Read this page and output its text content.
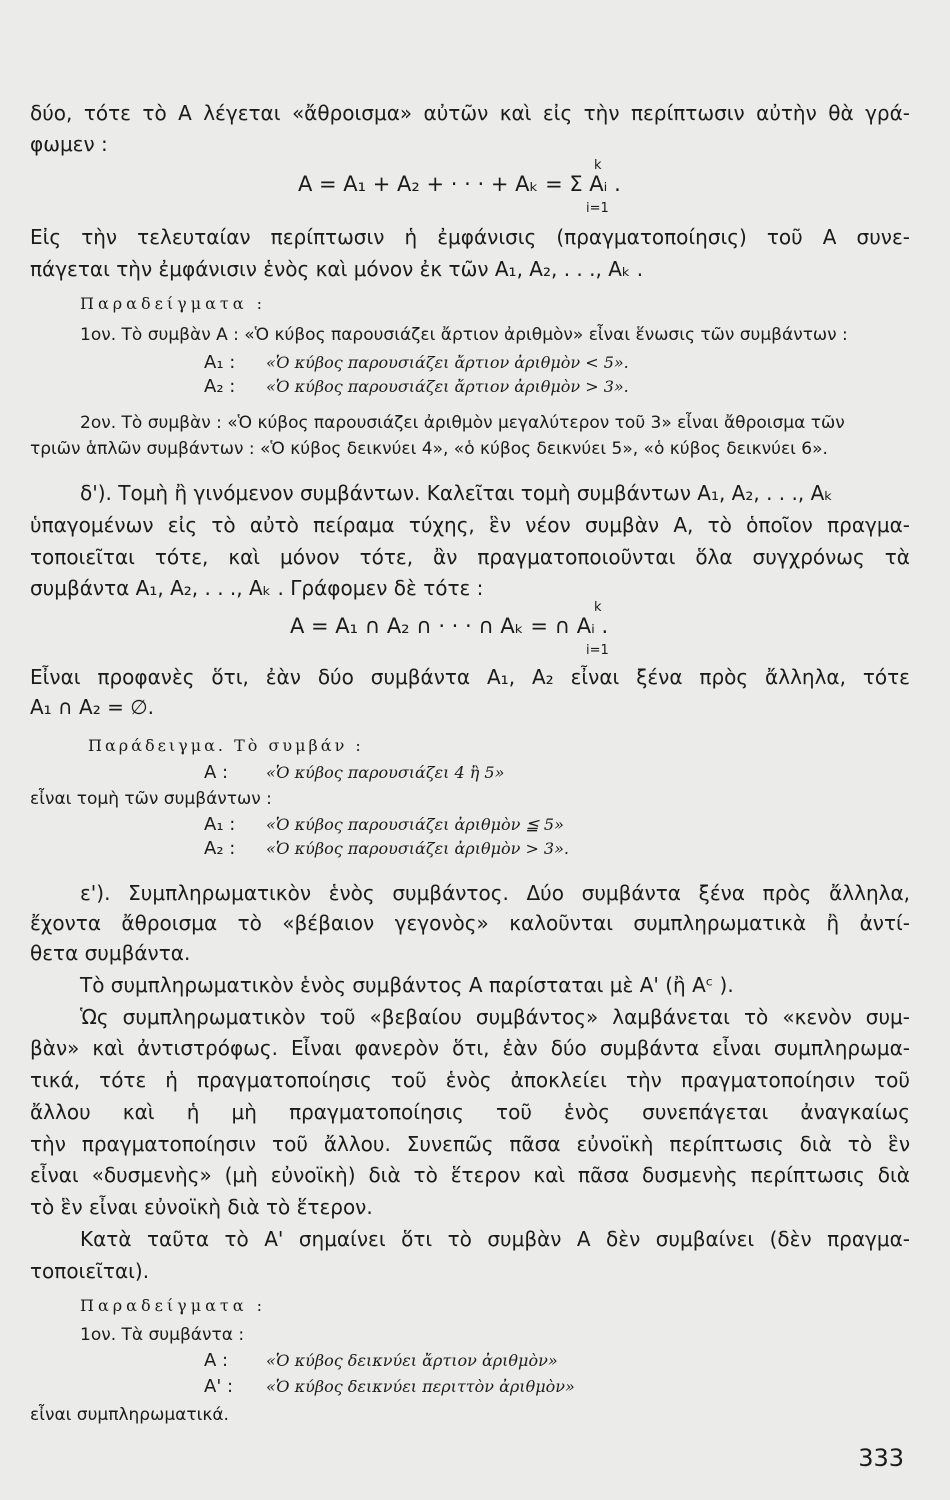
δύο, τότε τὸ Α λέγεται «ἄθροισμα» αὐτῶν καὶ εἰς τὴν περίπτωσιν αὐτὴν θὰ γρά-
φωμεν :
A = A₁ + A₂ + · · · + Aₖ = Σ Aᵢ .
k
i=1
Εἰς τὴν τελευταίαν περίπτωσιν ἡ ἐμφάνισις (πραγματοποίησις) τοῦ Α συνε-
πάγεται τὴν ἐμφάνισιν ἑνὸς καὶ μόνον ἐκ τῶν A₁, A₂, . . ., Aₖ .
Παραδείγματα :
1ον. Τὸ συμβὰν Α : «Ὁ κύβος παρουσιάζει ἄρτιον ἀριθμὸν» εἶναι ἕνωσις τῶν συμβάντων :
A₁ : «Ὁ κύβος παρουσιάζει ἄρτιον ἀριθμὸν < 5».
A₂ : «Ὁ κύβος παρουσιάζει ἄρτιον ἀριθμὸν > 3».
2ον. Τὸ συμβὰν : «Ὁ κύβος παρουσιάζει ἀριθμὸν μεγαλύτερον τοῦ 3» εἶναι ἄθροισμα τῶν
τριῶν ἁπλῶν συμβάντων : «Ὁ κύβος δεικνύει 4», «ὁ κύβος δεικνύει 5», «ὁ κύβος δεικνύει 6».
δ'). Τομὴ ἢ γινόμενον συμβάντων. Καλεῖται τομὴ συμβάντων A₁, A₂, . . ., Aₖ
ὑπαγομένων εἰς τὸ αὐτὸ πείραμα τύχης, ἓν νέον συμβὰν Α, τὸ ὁποῖον πραγμα-
τοποιεῖται τότε, καὶ μόνον τότε, ἂν πραγματοποιοῦνται ὅλα συγχρόνως τὰ
συμβάντα A₁, A₂, . . ., Aₖ . Γράφομεν δὲ τότε :
A = A₁ ∩ A₂ ∩ · · · ∩ Aₖ = ∩ Aᵢ .
k
i=1
Εἶναι προφανὲς ὅτι, ἐὰν δύο συμβάντα A₁, A₂ εἶναι ξένα πρὸς ἄλληλα, τότε
A₁ ∩ A₂ = ∅.
Παράδειγμα. Τὸ συμβάν :
A : «Ὁ κύβος παρουσιάζει 4 ἢ 5»
εἶναι τομὴ τῶν συμβάντων :
A₁ : «Ὁ κύβος παρουσιάζει ἀριθμὸν ≦ 5»
A₂ : «Ὁ κύβος παρουσιάζει ἀριθμὸν > 3».
ε'). Συμπληρωματικὸν ἑνὸς συμβάντος. Δύο συμβάντα ξένα πρὸς ἄλληλα,
ἔχοντα ἄθροισμα τὸ «βέβαιον γεγονὸς» καλοῦνται συμπληρωματικὰ ἢ ἀντί-
θετα συμβάντα.
Τὸ συμπληρωματικὸν ἑνὸς συμβάντος Α παρίσταται μὲ Α' (ἢ Aᶜ ).
Ὡς συμπληρωματικὸν τοῦ «βεβαίου συμβάντος» λαμβάνεται τὸ «κενὸν συμ-
βὰν» καὶ ἀντιστρόφως. Εἶναι φανερὸν ὅτι, ἐὰν δύο συμβάντα εἶναι συμπληρωμα-
τικά, τότε ἡ πραγματοποίησις τοῦ ἑνὸς ἀποκλείει τὴν πραγματοποίησιν τοῦ
ἄλλου καὶ ἡ μὴ πραγματοποίησις τοῦ ἑνὸς συνεπάγεται ἀναγκαίως
τὴν πραγματοποίησιν τοῦ ἄλλου. Συνεπῶς πᾶσα εὐνοϊκὴ περίπτωσις διὰ τὸ ἓν
εἶναι «δυσμενὴς» (μὴ εὐνοϊκὴ) διὰ τὸ ἕτερον καὶ πᾶσα δυσμενὴς περίπτωσις διὰ
τὸ ἓν εἶναι εὐνοϊκὴ διὰ τὸ ἕτερον.
Κατὰ ταῦτα τὸ Α' σημαίνει ὅτι τὸ συμβὰν Α δὲν συμβαίνει (δὲν πραγμα-
τοποιεῖται).
Παραδείγματα :
1ον. Τὰ συμβάντα :
A : «Ὁ κύβος δεικνύει ἄρτιον ἀριθμὸν»
A' : «Ὁ κύβος δεικνύει περιττὸν ἀριθμὸν»
εἶναι συμπληρωματικά.
333
